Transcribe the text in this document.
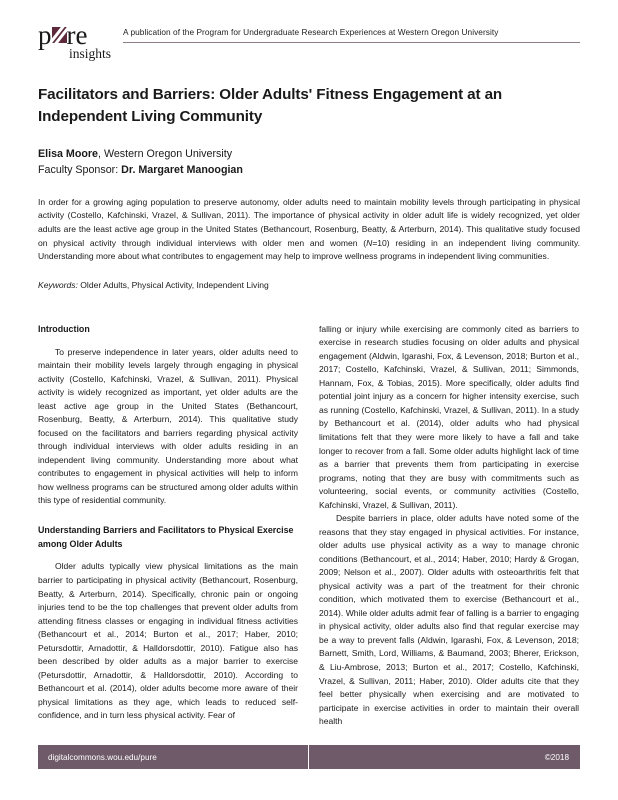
p r e
insights
A publication of the Program for Undergraduate Research Experiences at Western Oregon University
Facilitators and Barriers: Older Adults' Fitness Engagement at an Independent Living Community
Elisa Moore, Western Oregon University
Faculty Sponsor: Dr. Margaret Manoogian
In order for a growing aging population to preserve autonomy, older adults need to maintain mobility levels through participating in physical activity (Costello, Kafchinski, Vrazel, & Sullivan, 2011). The importance of physical activity in older adult life is widely recognized, yet older adults are the least active age group in the United States (Bethancourt, Rosenburg, Beatty, & Arterburn, 2014). This qualitative study focused on physical activity through individual interviews with older men and women (N=10) residing in an independent living community. Understanding more about what contributes to engagement may help to improve wellness programs in independent living communities.
Keywords: Older Adults, Physical Activity, Independent Living
Introduction

To preserve independence in later years, older adults need to maintain their mobility levels largely through engaging in physical activity (Costello, Kafchinski, Vrazel, & Sullivan, 2011). Physical activity is widely recognized as important, yet older adults are the least active age group in the United States (Bethancourt, Rosenburg, Beatty, & Arterburn, 2014). This qualitative study focused on the facilitators and barriers regarding physical activity through individual interviews with older adults residing in an independent living community. Understanding more about what contributes to engagement in physical activities will help to inform how wellness programs can be structured among older adults within this type of residential community.

Understanding Barriers and Facilitators to Physical Exercise among Older Adults

Older adults typically view physical limitations as the main barrier to participating in physical activity (Bethancourt, Rosenburg, Beatty, & Arterburn, 2014). Specifically, chronic pain or ongoing injuries tend to be the top challenges that prevent older adults from attending fitness classes or engaging in individual fitness activities (Bethancourt et al., 2014; Burton et al., 2017; Haber, 2010; Petursdottir, Arnadottir, & Halldorsdottir, 2010). Fatigue also has been described by older adults as a major barrier to exercise (Petursdottir, Arnadottir, & Halldorsdottir, 2010). According to Bethancourt et al. (2014), older adults become more aware of their physical limitations as they age, which leads to reduced self-confidence, and in turn less physical activity. Fear of

falling or injury while exercising are commonly cited as barriers to exercise in research studies focusing on older adults and physical engagement (Aldwin, Igarashi, Fox, & Levenson, 2018; Burton et al., 2017; Costello, Kafchinski, Vrazel, & Sullivan, 2011; Simmonds, Hannam, Fox, & Tobias, 2015). More specifically, older adults find potential joint injury as a concern for higher intensity exercise, such as running (Costello, Kafchinski, Vrazel, & Sullivan, 2011). In a study by Bethancourt et al. (2014), older adults who had physical limitations felt that they were more likely to have a fall and take longer to recover from a fall. Some older adults highlight lack of time as a barrier that prevents them from participating in exercise programs, noting that they are busy with commitments such as volunteering, social events, or community activities (Costello, Kafchinski, Vrazel, & Sullivan, 2011).

Despite barriers in place, older adults have noted some of the reasons that they stay engaged in physical activities. For instance, older adults use physical activity as a way to manage chronic conditions (Bethancourt, et al., 2014; Haber, 2010; Hardy & Grogan, 2009; Nelson et al., 2007). Older adults with osteoarthritis felt that physical activity was a part of the treatment for their chronic condition, which motivated them to exercise (Bethancourt et al., 2014). While older adults admit fear of falling is a barrier to engaging in physical activity, older adults also find that regular exercise may be a way to prevent falls (Aldwin, Igarashi, Fox, & Levenson, 2018; Barnett, Smith, Lord, Williams, & Baumand, 2003; Bherer, Erickson, & Liu-Ambrose, 2013; Burton et al., 2017; Costello, Kafchinski, Vrazel, & Sullivan, 2011; Haber, 2010). Older adults cite that they feel better physically when exercising and are motivated to participate in exercise activities in order to maintain their overall health

digitalcommons.wou.edu/pure	©2018
